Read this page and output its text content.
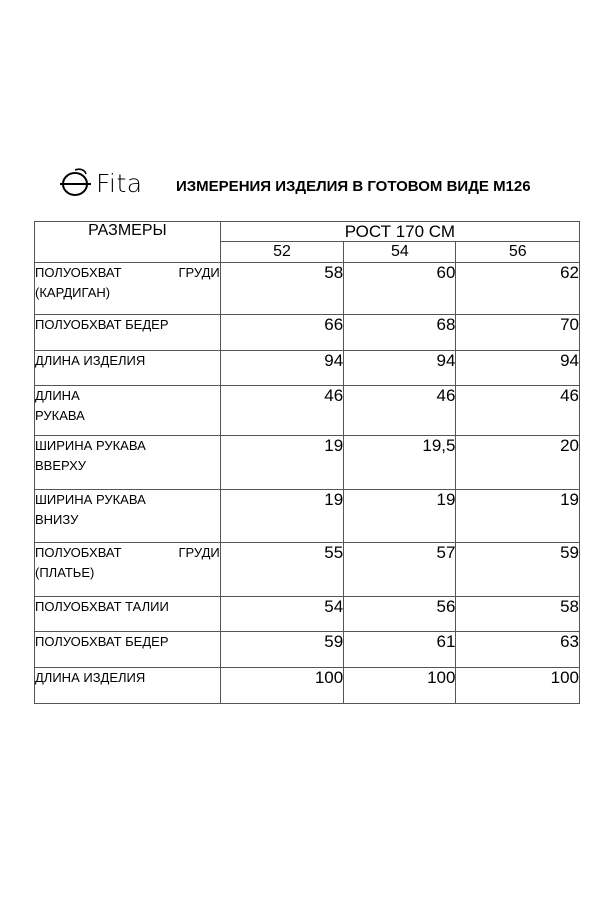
Fita ИЗМЕРЕНИЯ ИЗДЕЛИЯ В ГОТОВОМ ВИДЕ М126
РАЗМЕРЫ	РОСТ 170 СМ		
	52	54	56
ПОЛУОБХВАТ ГРУДИ
(КАРДИГАН)	58	60	62
ПОЛУОБХВАТ БЕДЕР	66	68	70
ДЛИНА ИЗДЕЛИЯ	94	94	94

ДЛИНА
РУКАВА	46	46	46

ШИРИНА РУКАВА
ВВЕРХУ	19	19,5	20

ШИРИНА РУКАВА
ВНИЗУ	19	19	19
ПОЛУОБХВАТ ГРУДИ
(ПЛАТЬЕ)	55	57	59
ПОЛУОБХВАТ ТАЛИИ	54	56	58
ПОЛУОБХВАТ БЕДЕР	59	61	63
ДЛИНА ИЗДЕЛИЯ	100	100	100
